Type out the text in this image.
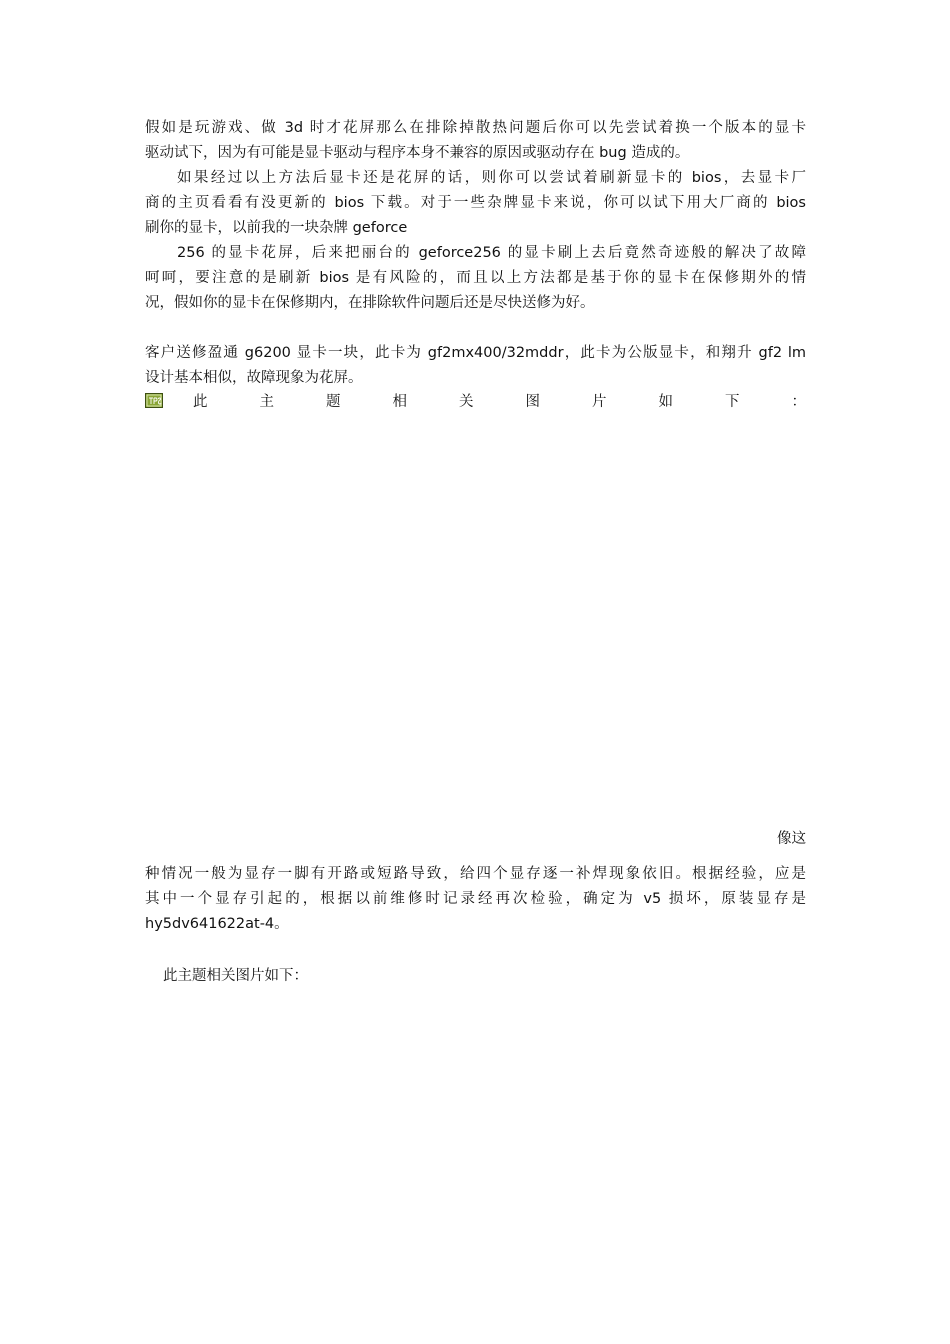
假如是玩游戏、做 3d 时才花屏那么在排除掉散热问题后你可以先尝试着换一个版本的显卡
驱动试下，因为有可能是显卡驱动与程序本身不兼容的原因或驱动存在 bug 造成的。
如果经过以上方法后显卡还是花屏的话，则你可以尝试着刷新显卡的 bios，去显卡厂
商的主页看看有没更新的 bios 下载。对于一些杂牌显卡来说，你可以试下用大厂商的 bios
刷你的显卡，以前我的一块杂牌 geforce
256 的显卡花屏，后来把丽台的 geforce256 的显卡刷上去后竟然奇迹般的解决了故障
呵呵，要注意的是刷新 bios 是有风险的，而且以上方法都是基于你的显卡在保修期外的情
况，假如你的显卡在保修期内，在排除软件问题后还是尽快送修为好。
客户送修盈通 g6200 显卡一块，此卡为 gf2mx400/32mddr，此卡为公版显卡，和翔升 gf2 lm
设计基本相似，故障现象为花屏。
此主题相关图片如下：
像这
种情况一般为显存一脚有开路或短路导致，给四个显存逐一补焊现象依旧。根据经验，应是
其中一个显存引起的，根据以前维修时记录经再次检验，确定为 v5 损坏，原装显存是
hy5dv641622at-4。
此主题相关图片如下：
